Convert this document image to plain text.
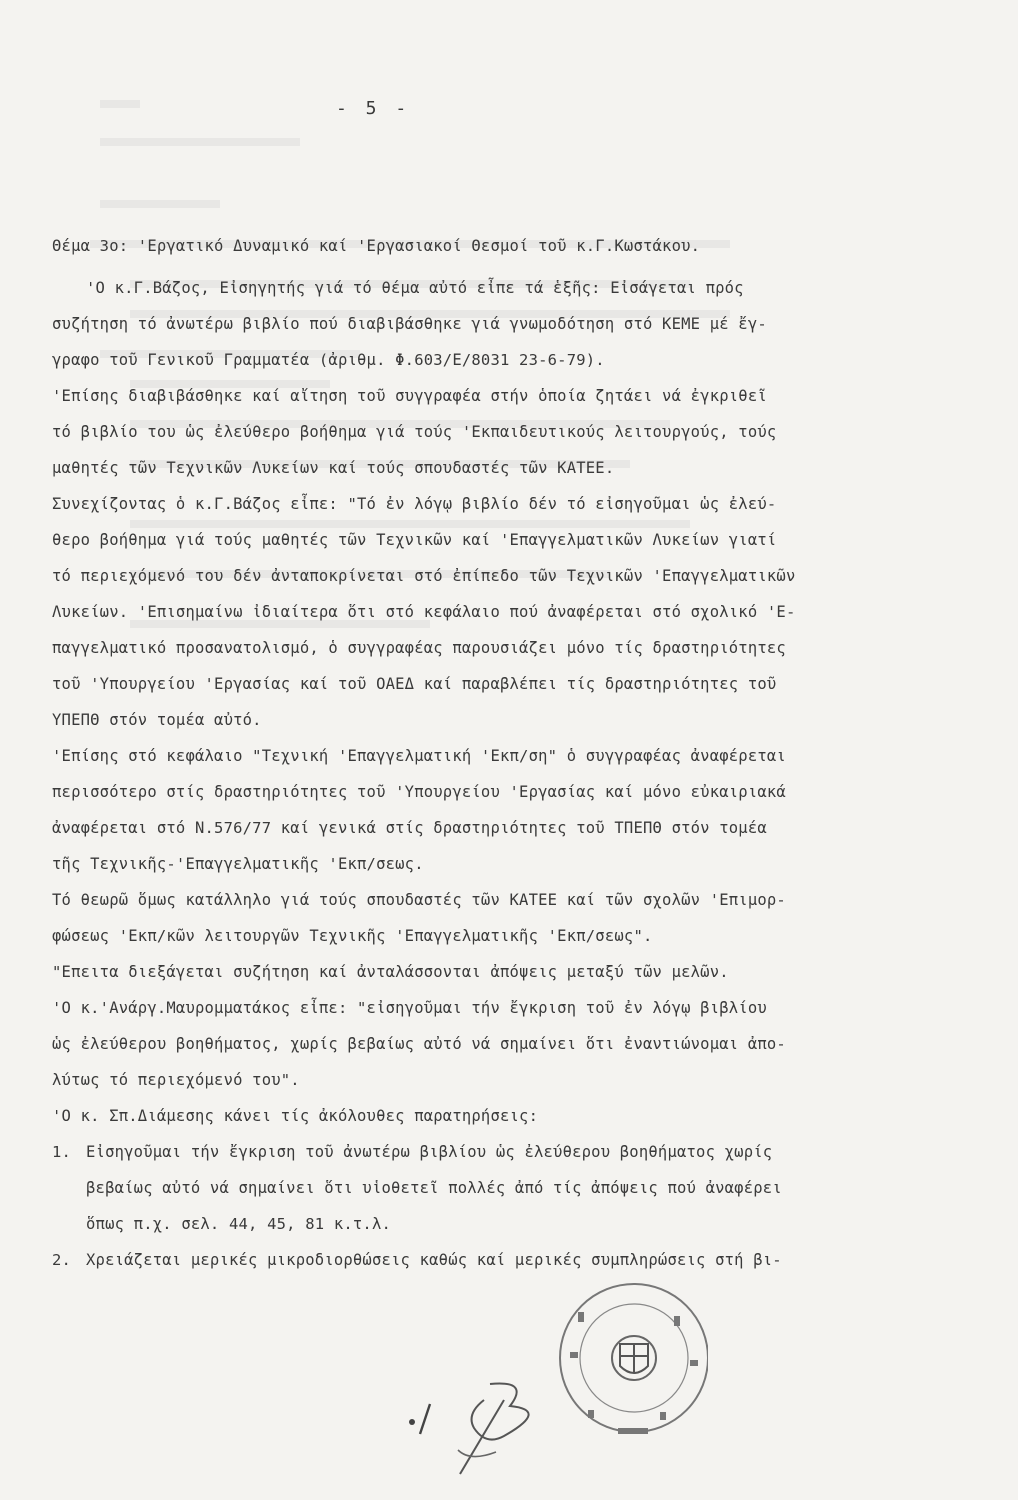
- 5 -
Θέμα 3ο: 'Εργατικό Δυναμικό καί 'Εργασιακοί Θεσμοί τοῦ κ.Γ.Κωστάκου.
'Ο κ.Γ.Βάζος, Εἰσηγητής γιά τό θέμα αὐτό εἶπε τά ἑξῆς: Εἰσάγεται πρός
συζήτηση τό ἀνωτέρω βιβλίο πού διαβιβάσθηκε γιά γνωμοδότηση στό ΚΕΜΕ μέ ἔγ-
γραφο τοῦ Γενικοῦ Γραμματέα (ἀριθμ. Φ.603/Ε/8031 23-6-79).
'Επίσης διαβιβάσθηκε καί αἴτηση τοῦ συγγραφέα στήν ὁποία ζητάει νά ἐγκριθεῖ
τό βιβλίο του ὡς ἐλεύθερο βοήθημα γιά τούς 'Εκπαιδευτικούς λειτουργούς, τούς
μαθητές τῶν Τεχνικῶν Λυκείων καί τούς σπουδαστές τῶν ΚΑΤΕΕ.
Συνεχίζοντας ὁ κ.Γ.Βάζος εἶπε: "Τό ἐν λόγῳ βιβλίο δέν τό εἰσηγοῦμαι ὡς ἐλεύ-
θερο βοήθημα γιά τούς μαθητές τῶν Τεχνικῶν καί 'Επαγγελματικῶν Λυκείων γιατί
τό περιεχόμενό του δέν ἀνταποκρίνεται στό ἐπίπεδο τῶν Τεχνικῶν 'Επαγγελματικῶν
Λυκείων. 'Επισημαίνω ἰδιαίτερα ὅτι στό κεφάλαιο πού ἀναφέρεται στό σχολικό 'Ε-
παγγελματικό προσανατολισμό, ὁ συγγραφέας παρουσιάζει μόνο τίς δραστηριότητες
τοῦ 'Υπουργείου 'Εργασίας καί τοῦ ΟΑΕΔ καί παραβλέπει τίς δραστηριότητες τοῦ
ΥΠΕΠΘ στόν τομέα αὐτό.
'Επίσης στό κεφάλαιο "Τεχνική 'Επαγγελματική 'Εκπ/ση" ὁ συγγραφέας ἀναφέρεται
περισσότερο στίς δραστηριότητες τοῦ 'Υπουργείου 'Εργασίας καί μόνο εὐκαιριακά
ἀναφέρεται στό Ν.576/77 καί γενικά στίς δραστηριότητες τοῦ ΤΠΕΠΘ στόν τομέα
τῆς Τεχνικῆς-'Επαγγελματικῆς 'Εκπ/σεως.
Τό θεωρῶ ὅμως κατάλληλο γιά τούς σπουδαστές τῶν ΚΑΤΕΕ καί τῶν σχολῶν 'Επιμορ-
φώσεως 'Εκπ/κῶν λειτουργῶν Τεχνικῆς 'Επαγγελματικῆς 'Εκπ/σεως".
"Επειτα διεξάγεται συζήτηση καί ἀνταλάσσονται ἀπόψεις μεταξύ τῶν μελῶν.
'Ο κ.'Ανάργ.Μαυρομματάκος εἶπε: "εἰσηγοῦμαι τήν ἔγκριση τοῦ ἐν λόγῳ βιβλίου
ὡς ἐλεύθερου βοηθήματος, χωρίς βεβαίως αὐτό νά σημαίνει ὅτι ἐναντιώνομαι ἀπο-
λύτως τό περιεχόμενό του".
'Ο κ. Σπ.Διάμεσης κάνει τίς ἀκόλουθες παρατηρήσεις:
1. Εἰσηγοῦμαι τήν ἔγκριση τοῦ ἀνωτέρω βιβλίου ὡς ἐλεύθερου βοηθήματος χωρίς
βεβαίως αὐτό νά σημαίνει ὅτι υἱοθετεῖ πολλές ἀπό τίς ἀπόψεις πού ἀναφέρει
ὅπως π.χ. σελ. 44, 45, 81 κ.τ.λ.
2. Χρειάζεται μερικές μικροδιορθώσεις καθώς καί μερικές συμπληρώσεις στή βι-
